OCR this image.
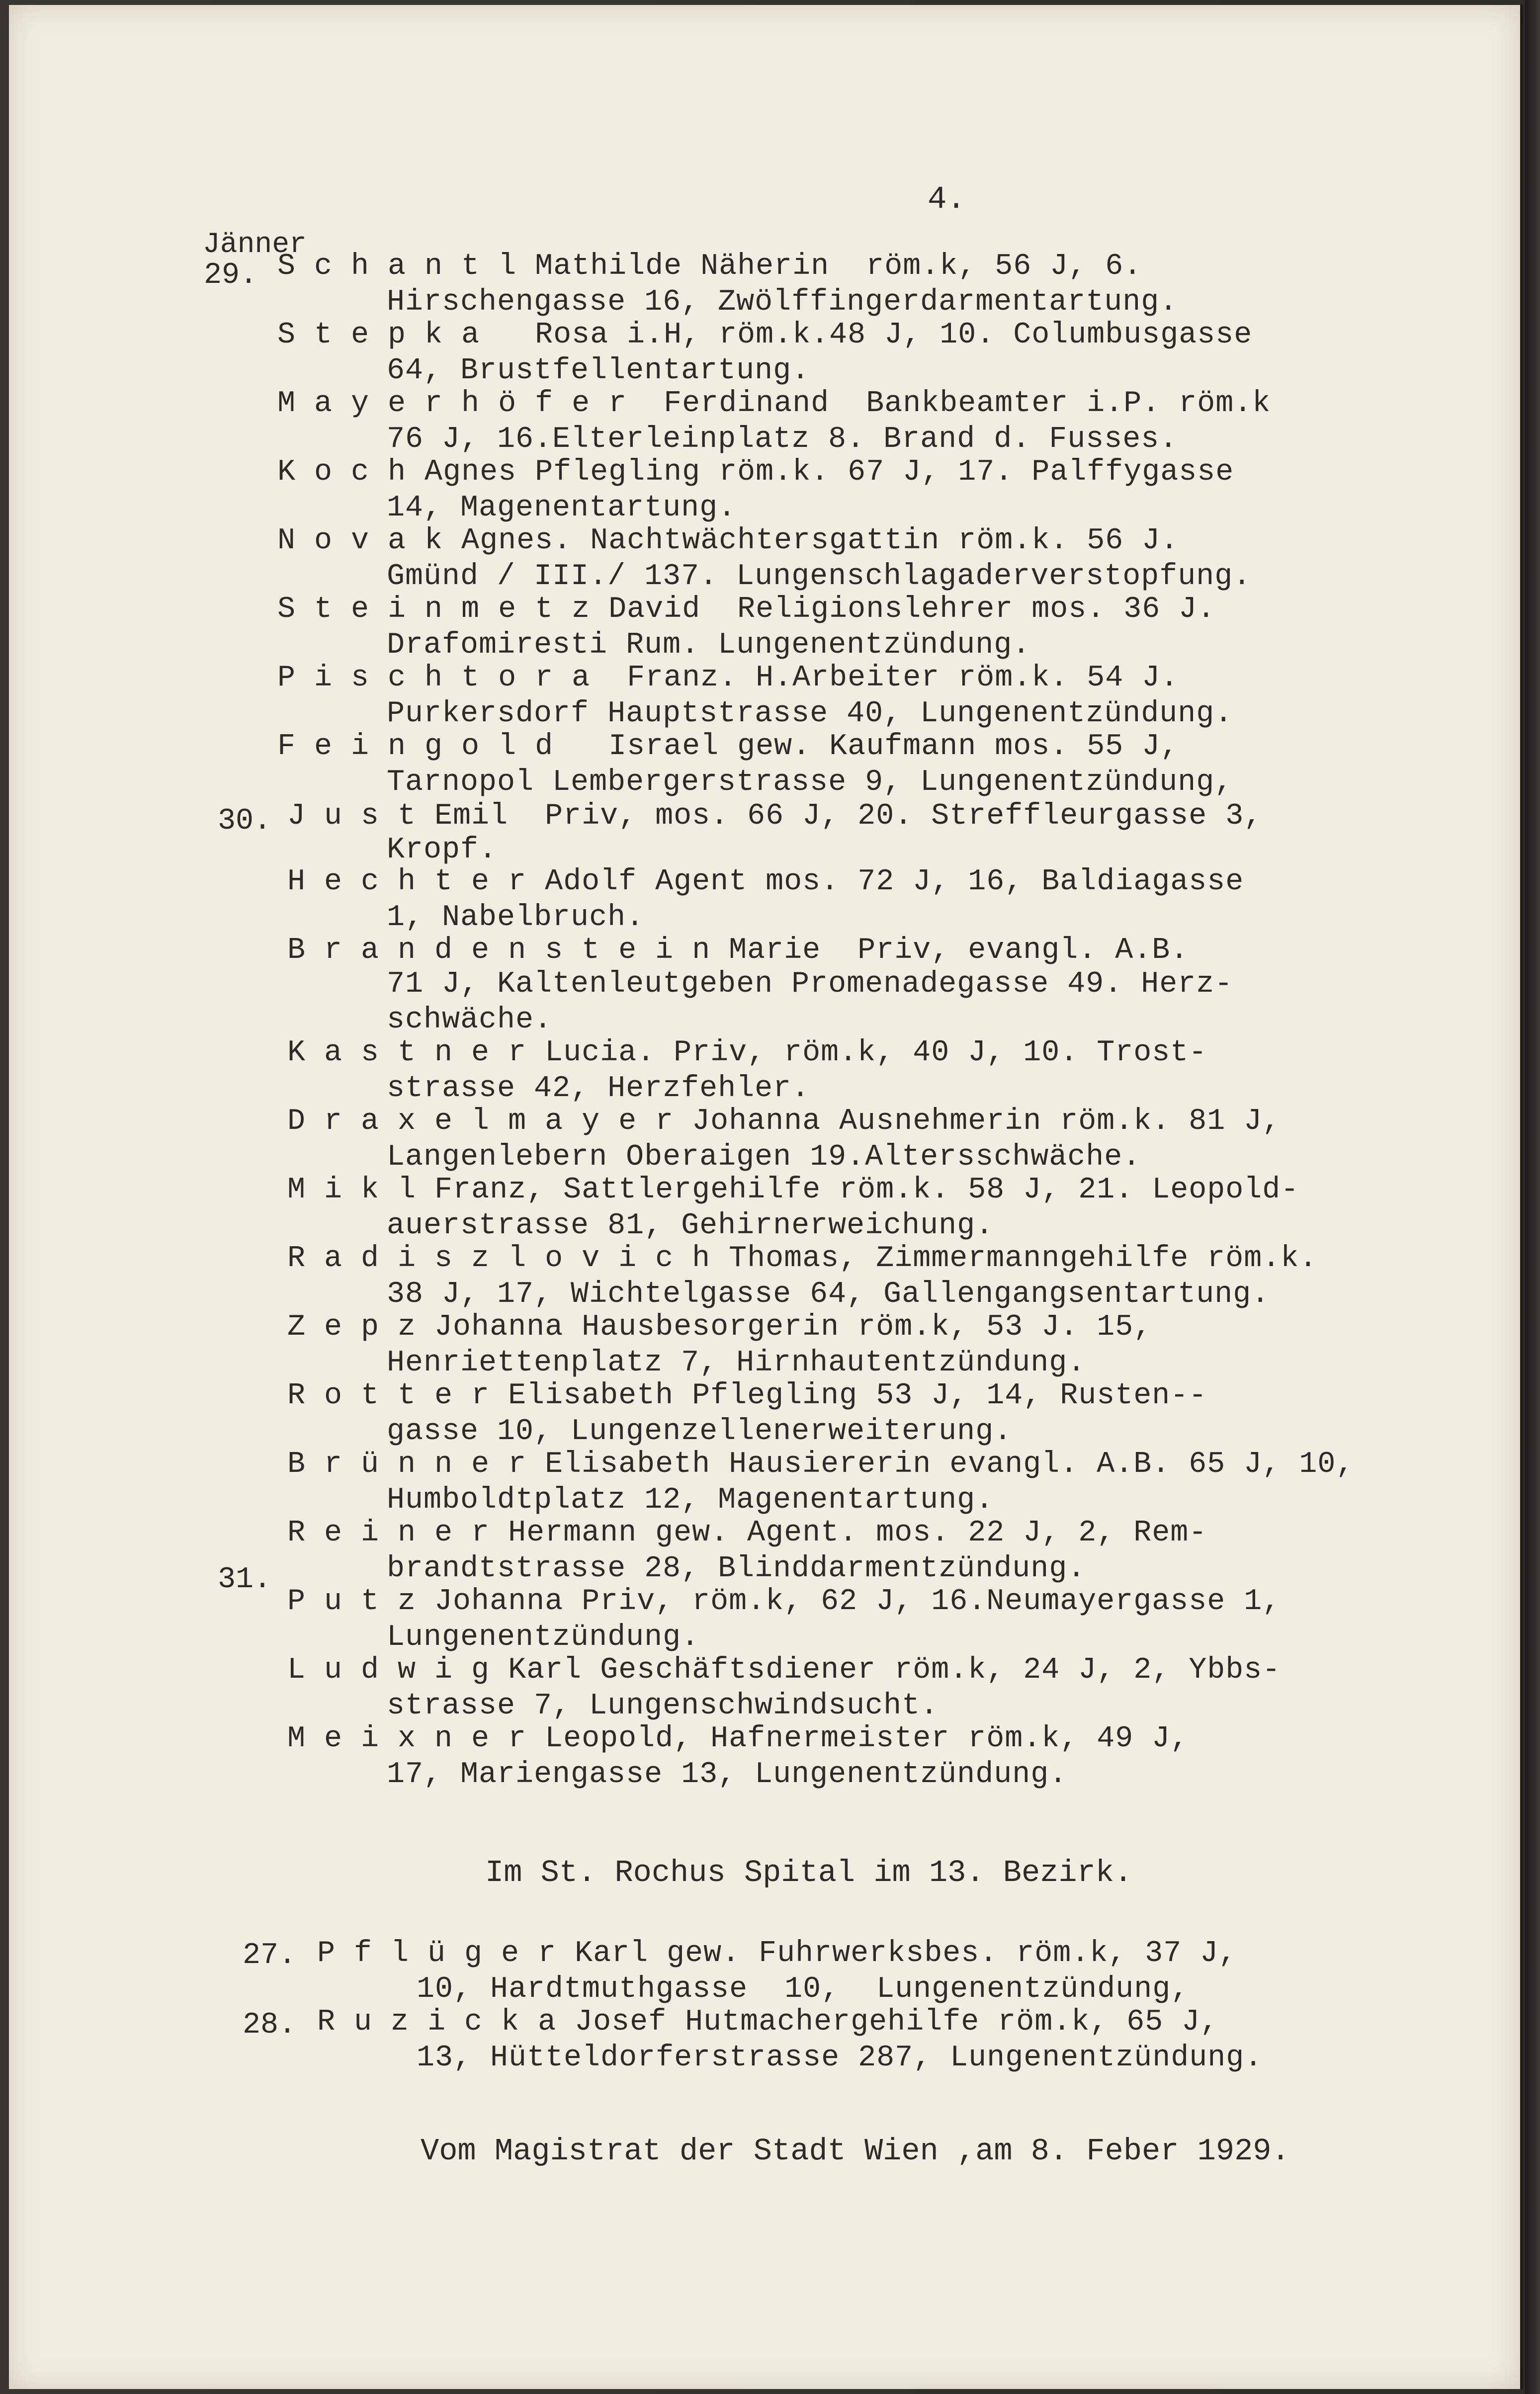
4.
Jänner
29.
30.
31.
S c h a n t l Mathilde Näherin  röm.k, 56 J, 6.
Hirschengasse 16, Zwölffingerdarmentartung.
S t e p k a   Rosa i.H, röm.k.48 J, 10. Columbusgasse
64, Brustfellentartung.
M a y e r h ö f e r  Ferdinand  Bankbeamter i.P. röm.k
76 J, 16.Elterleinplatz 8. Brand d. Fusses.
K o c h Agnes Pflegling röm.k. 67 J, 17. Palffygasse
14, Magenentartung.
N o v a k Agnes. Nachtwächtersgattin röm.k. 56 J.
Gmünd / III./ 137. Lungenschlagaderverstopfung.
S t e i n m e t z David  Religionslehrer mos. 36 J.
Drafomiresti Rum. Lungenentzündung.
P i s c h t o r a  Franz. H.Arbeiter röm.k. 54 J.
Purkersdorf Hauptstrasse 40, Lungenentzündung.
F e i n g o l d   Israel gew. Kaufmann mos. 55 J,
Tarnopol Lembergerstrasse 9, Lungenentzündung,
J u s t Emil  Priv, mos. 66 J, 20. Streffleurgasse 3,
Kropf.
H e c h t e r Adolf Agent mos. 72 J, 16, Baldiagasse
1, Nabelbruch.
B r a n d e n s t e i n Marie  Priv, evangl. A.B.
71 J, Kaltenleutgeben Promenadegasse 49. Herz-
schwäche.
K a s t n e r Lucia. Priv, röm.k, 40 J, 10. Trost-
strasse 42, Herzfehler.
D r a x e l m a y e r Johanna Ausnehmerin röm.k. 81 J,
Langenlebern Oberaigen 19.Altersschwäche.
M i k l Franz, Sattlergehilfe röm.k. 58 J, 21. Leopold-
auerstrasse 81, Gehirnerweichung.
R a d i s z l o v i c h Thomas, Zimmermanngehilfe röm.k.
38 J, 17, Wichtelgasse 64, Gallengangsentartung.
Z e p z Johanna Hausbesorgerin röm.k, 53 J. 15,
Henriettenplatz 7, Hirnhautentzündung.
R o t t e r Elisabeth Pflegling 53 J, 14, Rusten--
gasse 10, Lungenzellenerweiterung.
B r ü n n e r Elisabeth Hausiererin evangl. A.B. 65 J, 10,
Humboldtplatz 12, Magenentartung.
R e i n e r Hermann gew. Agent. mos. 22 J, 2, Rem-
brandtstrasse 28, Blinddarmentzündung.
P u t z Johanna Priv, röm.k, 62 J, 16.Neumayergasse 1,
Lungenentzündung.
L u d w i g Karl Geschäftsdiener röm.k, 24 J, 2, Ybbs-
strasse 7, Lungenschwindsucht.
M e i x n e r Leopold, Hafnermeister röm.k, 49 J,
17, Mariengasse 13, Lungenentzündung.
Im St. Rochus Spital im 13. Bezirk.
27. P f l ü g e r Karl gew. Fuhrwerksbes. röm.k, 37 J,
10, Hardtmuthgasse  10,  Lungenentzündung,
28. R u z i c k a Josef Hutmachergehilfe röm.k, 65 J,
13, Hütteldorferstrasse 287, Lungenentzündung.
Vom Magistrat der Stadt Wien ,am 8. Feber 1929.
